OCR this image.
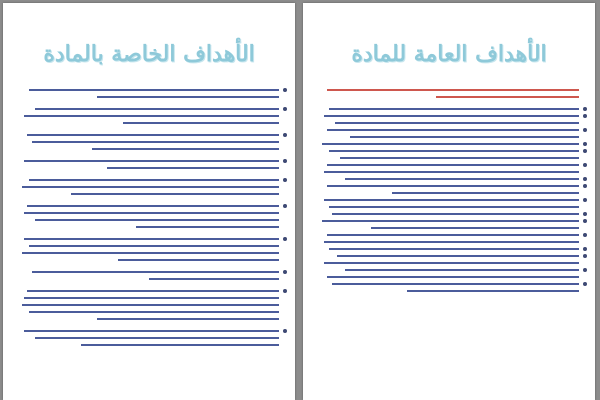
الأهداف الخاصة بالمادة	الأهداف العامة للمادة
